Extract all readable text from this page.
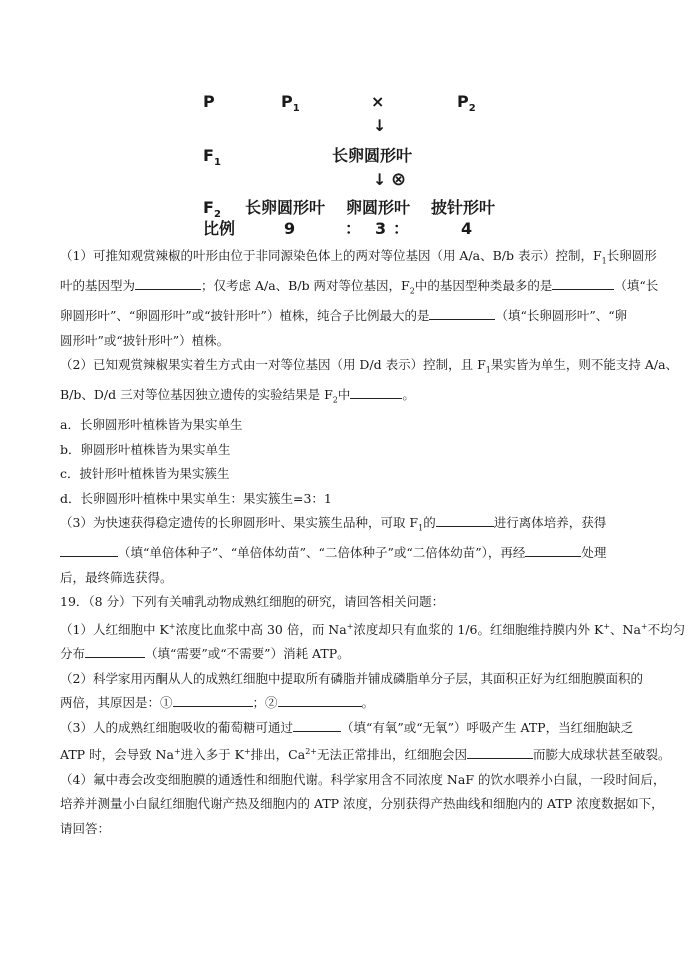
P	$P_1$	×	$P_2$
↓
$F_1$	长卵圆形叶
↓ ⊗
$F_2$ 长卵圆形叶 卵圆形叶 披针形叶
比例	9	： 3 ：	4

（1）可推知观赏辣椒的叶形由位于非同源染色体上的两对等位基因（用 A/a、B/b 表示）控制，$F_1$长卵圆形

叶的基因型为	；仅考虑 A/a、B/b 两对等位基因，$F_2$中的基因型种类最多的是	（填“长

卵圆形叶”、“卵圆形叶”或“披针形叶”）植株，纯合子比例最大的是	（填“长卵圆形叶”、“卵

圆形叶”或“披针形叶”）植株。

（2）已知观赏辣椒果实着生方式由一对等位基因（用 D/d 表示）控制，且 $F_1$果实皆为单生，则不能支持 A/a、

B/b、D/d 三对等位基因独立遗传的实验结果是 $F_2$中	。

a．长卵圆形叶植株皆为果实单生

b．卵圆形叶植株皆为果实单生

c．披针形叶植株皆为果实簇生

d．长卵圆形叶植株中果实单生：果实簇生=3：1

（3）为快速获得稳定遗传的长卵圆形叶、果实簇生品种，可取 $F_1$的	进行离体培养，获得

（填“单倍体种子”、“单倍体幼苗”、“二倍体种子”或“二倍体幼苗”），再经	处理

后，最终筛选获得。

19．（8 分）下列有关哺乳动物成熟红细胞的研究，请回答相关问题：

（1）人红细胞中 K+浓度比血浆中高 30 倍，而 Na+浓度却只有血浆的 1/6。红细胞维持膜内外 K+、Na+不均匀

分布	（填“需要”或“不需要”）消耗 ATP。

（2）科学家用丙酮从人的成熟红细胞中提取所有磷脂并铺成磷脂单分子层，其面积正好为红细胞膜面积的

两倍，其原因是：①	；②	。

（3）人的成熟红细胞吸收的葡萄糖可通过	（填“有氧”或“无氧”）呼吸产生 ATP，当红细胞缺乏

ATP 时，会导致 Na+进入多于 K+排出，$Ca^{2+}$无法正常排出，红细胞会因	而膨大成球状甚至破裂。

（4）氟中毒会改变细胞膜的通透性和细胞代谢。科学家用含不同浓度 NaF 的饮水喂养小白鼠，一段时间后，

培养并测量小白鼠红细胞代谢产热及细胞内的 ATP 浓度，分别获得产热曲线和细胞内的 ATP 浓度数据如下，

请回答：
